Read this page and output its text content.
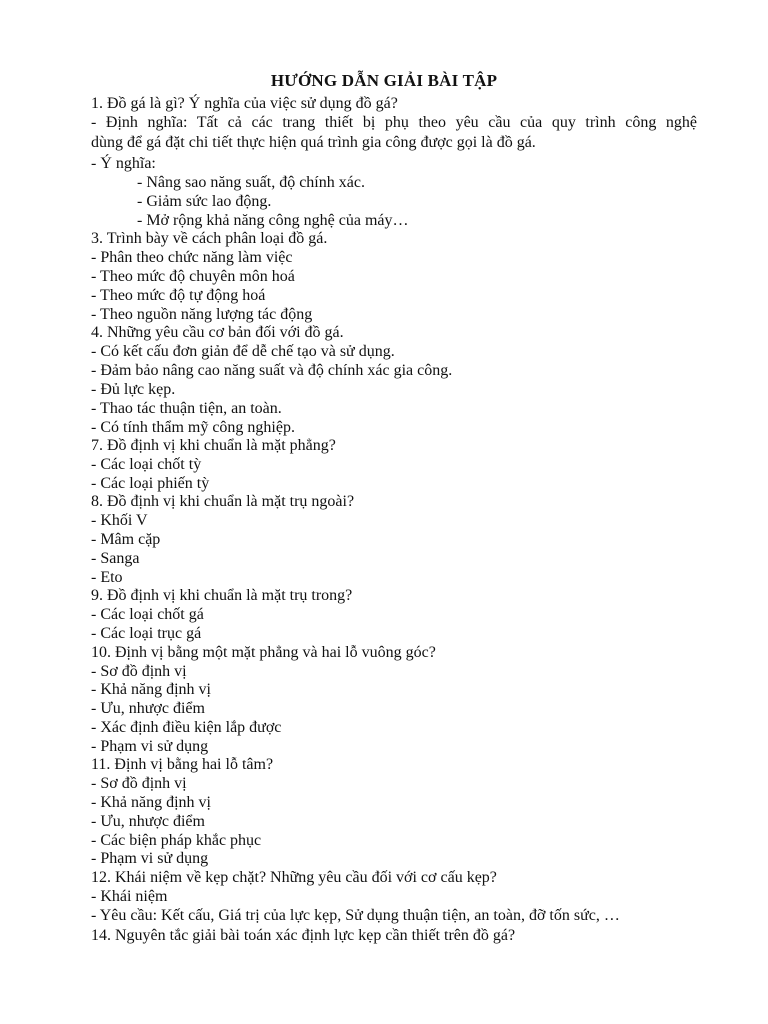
HƯỚNG DẪN GIẢI BÀI TẬP
1. Đồ gá là gì? Ý nghĩa của việc sử dụng đồ gá?
- Định nghĩa: Tất cả các trang thiết bị phụ theo yêu cầu của quy trình công nghệ
dùng để gá đặt chi tiết thực hiện quá trình gia công được gọi là đồ gá.
- Ý nghĩa:
- Nâng sao năng suất, độ chính xác.
- Giảm sức lao động.
- Mở rộng khả năng công nghệ của máy…
3. Trình bày về cách phân loại đồ gá.
- Phân theo chức năng làm việc
- Theo mức độ chuyên môn hoá
- Theo mức độ tự động hoá
- Theo nguồn năng lượng tác động
4. Những yêu cầu cơ bản đối với đồ gá.
- Có kết cấu đơn giản để dễ chế tạo và sử dụng.
- Đảm bảo nâng cao năng suất và độ chính xác gia công.
- Đủ lực kẹp.
- Thao tác thuận tiện, an toàn.
- Có tính thẩm mỹ công nghiệp.
7. Đồ định vị khi chuẩn là mặt phẳng?
- Các loại chốt tỳ
- Các loại phiến tỳ
8. Đồ định vị khi chuẩn là mặt trụ ngoài?
- Khối V
- Mâm cặp
- Sanga
- Eto
9. Đồ định vị khi chuẩn là mặt trụ trong?
- Các loại chốt gá
- Các loại trục gá
10. Định vị bằng một mặt phẳng và hai lỗ vuông góc?
- Sơ đồ định vị
- Khả năng định vị
- Ưu, nhược điểm
- Xác định điều kiện lắp được
- Phạm vi sử dụng
11. Định vị bằng hai lỗ tâm?
- Sơ đồ định vị
- Khả năng định vị
- Ưu, nhược điểm
- Các biện pháp khắc phục
- Phạm vi sử dụng
12. Khái niệm về kẹp chặt? Những yêu cầu đối với cơ cấu kẹp?
- Khái niệm
- Yêu cầu: Kết cấu, Giá trị của lực kẹp, Sử dụng thuận tiện, an toàn, đỡ tốn sức, …
14. Nguyên tắc giải bài toán xác định lực kẹp cần thiết trên đồ gá?
